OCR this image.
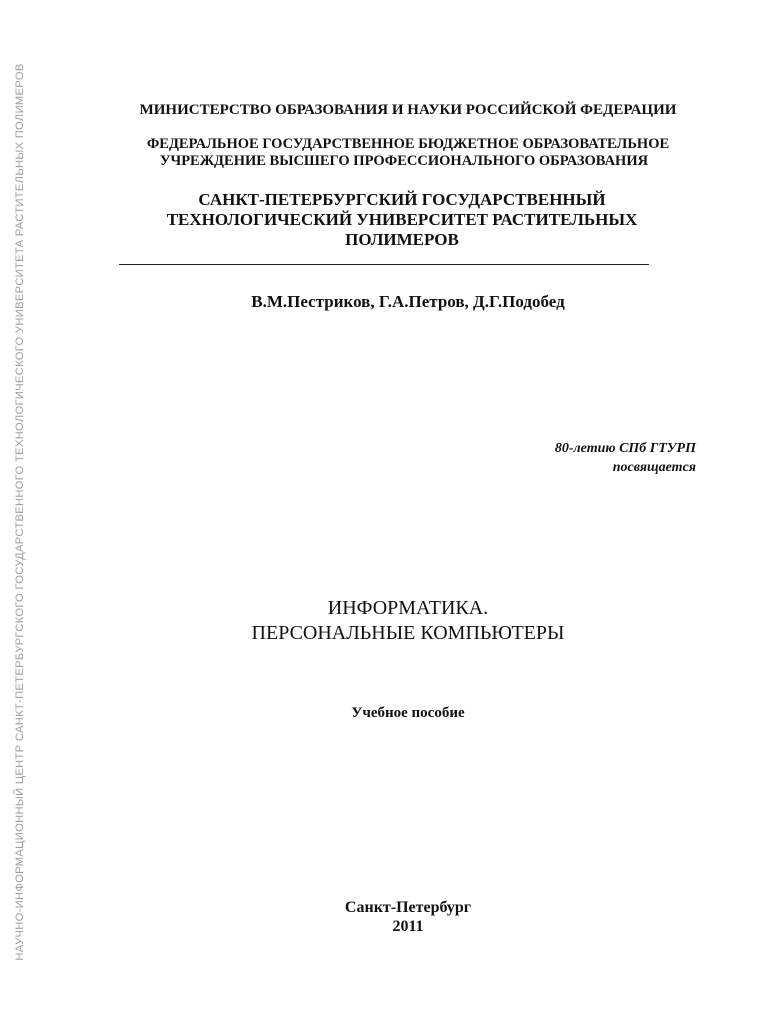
НАУЧНО-ИНФОРМАЦИОННЫЙ ЦЕНТР САНКТ-ПЕТЕРБУРГСКОГО ГОСУДАРСТВЕННОГО ТЕХНОЛОГИЧЕСКОГО УНИВЕРСИТЕТА РАСТИТЕЛЬНЫХ ПОЛИМЕРОВ	МИНИСТЕРСТВО ОБРАЗОВАНИЯ И НАУКИ РОССИЙСКОЙ ФЕДЕРАЦИИ
ФЕДЕРАЛЬНОЕ ГОСУДАРСТВЕННОЕ БЮДЖЕТНОЕ ОБРАЗОВАТЕЛЬНОЕ
УЧРЕЖДЕНИЕ ВЫСШЕГО ПРОФЕССИОНАЛЬНОГО ОБРАЗОВАНИЯ
САНКТ-ПЕТЕРБУРГСКИЙ ГОСУДАРСТВЕННЫЙ
ТЕХНОЛОГИЧЕСКИЙ УНИВЕРСИТЕТ РАСТИТЕЛЬНЫХ
ПОЛИМЕРОВ
В.М.Пестриков, Г.А.Петров, Д.Г.Подобед
80-летию СПб ГТУРП
посвящается
ИНФОРМАТИКА.
ПЕРСОНАЛЬНЫЕ КОМПЬЮТЕРЫ
Учебное пособие
Санкт-Петербург
2011
